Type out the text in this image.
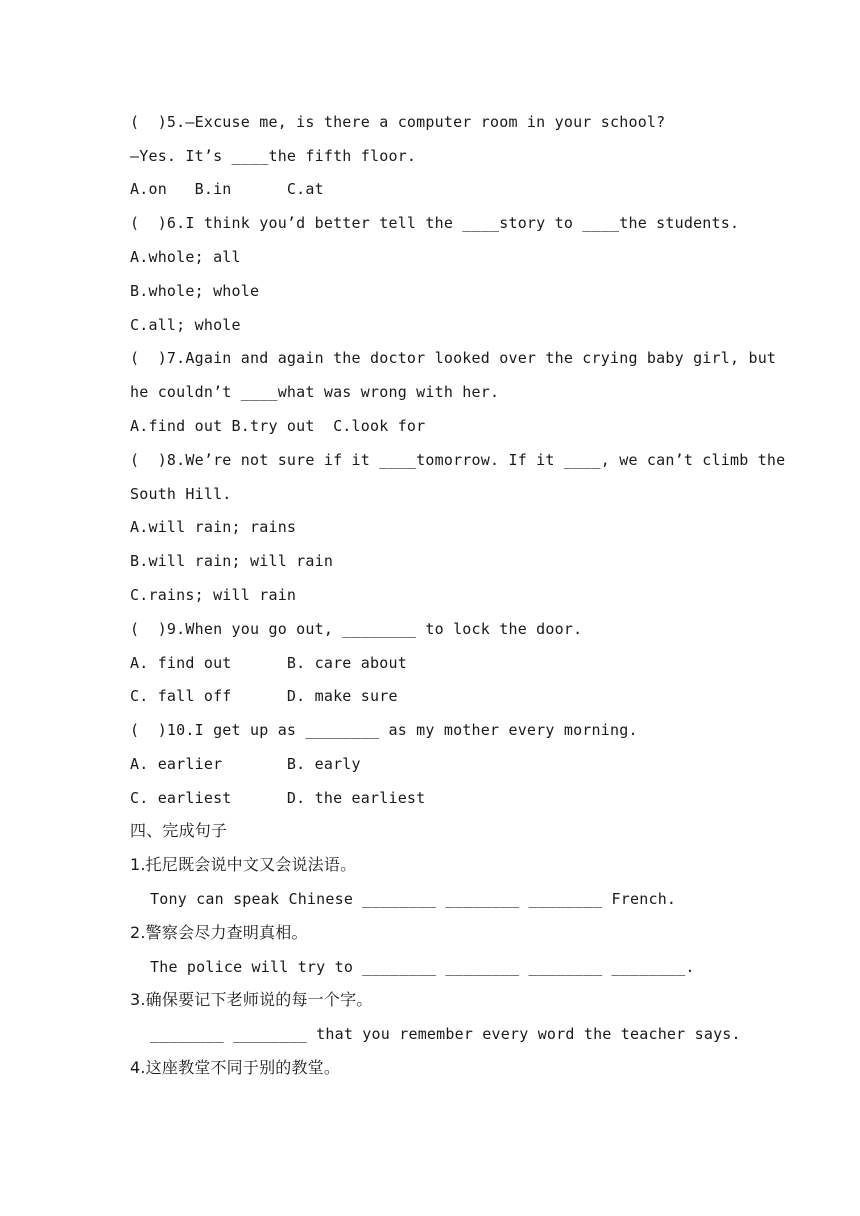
(  )5.—Excuse me, is there a computer room in your school?
—Yes. It’s ____the fifth floor.
A.on   B.in      C.at
(  )6.I think you’d better tell the ____story to ____the students.
A.whole; all
B.whole; whole
C.all; whole
(  )7.Again and again the doctor looked over the crying baby girl, but
he couldn’t ____what was wrong with her.
A.find out B.try out  C.look for
(  )8.We’re not sure if it ____tomorrow. If it ____, we can’t climb the
South Hill.
A.will rain; rains
B.will rain; will rain
C.rains; will rain
(  )9.When you go out, ________ to lock the door.
A. find out      B. care about
C. fall off      D. make sure
(  )10.I get up as ________ as my mother every morning.
A. earlier       B. early
C. earliest      D. the earliest
四、完成句子
1.托尼既会说中文又会说法语。
Tony can speak Chinese ________ ________ ________ French.
2.警察会尽力查明真相。
The police will try to ________ ________ ________ ________.
3.确保要记下老师说的每一个字。
________ ________ that you remember every word the teacher says.
4.这座教堂不同于别的教堂。
